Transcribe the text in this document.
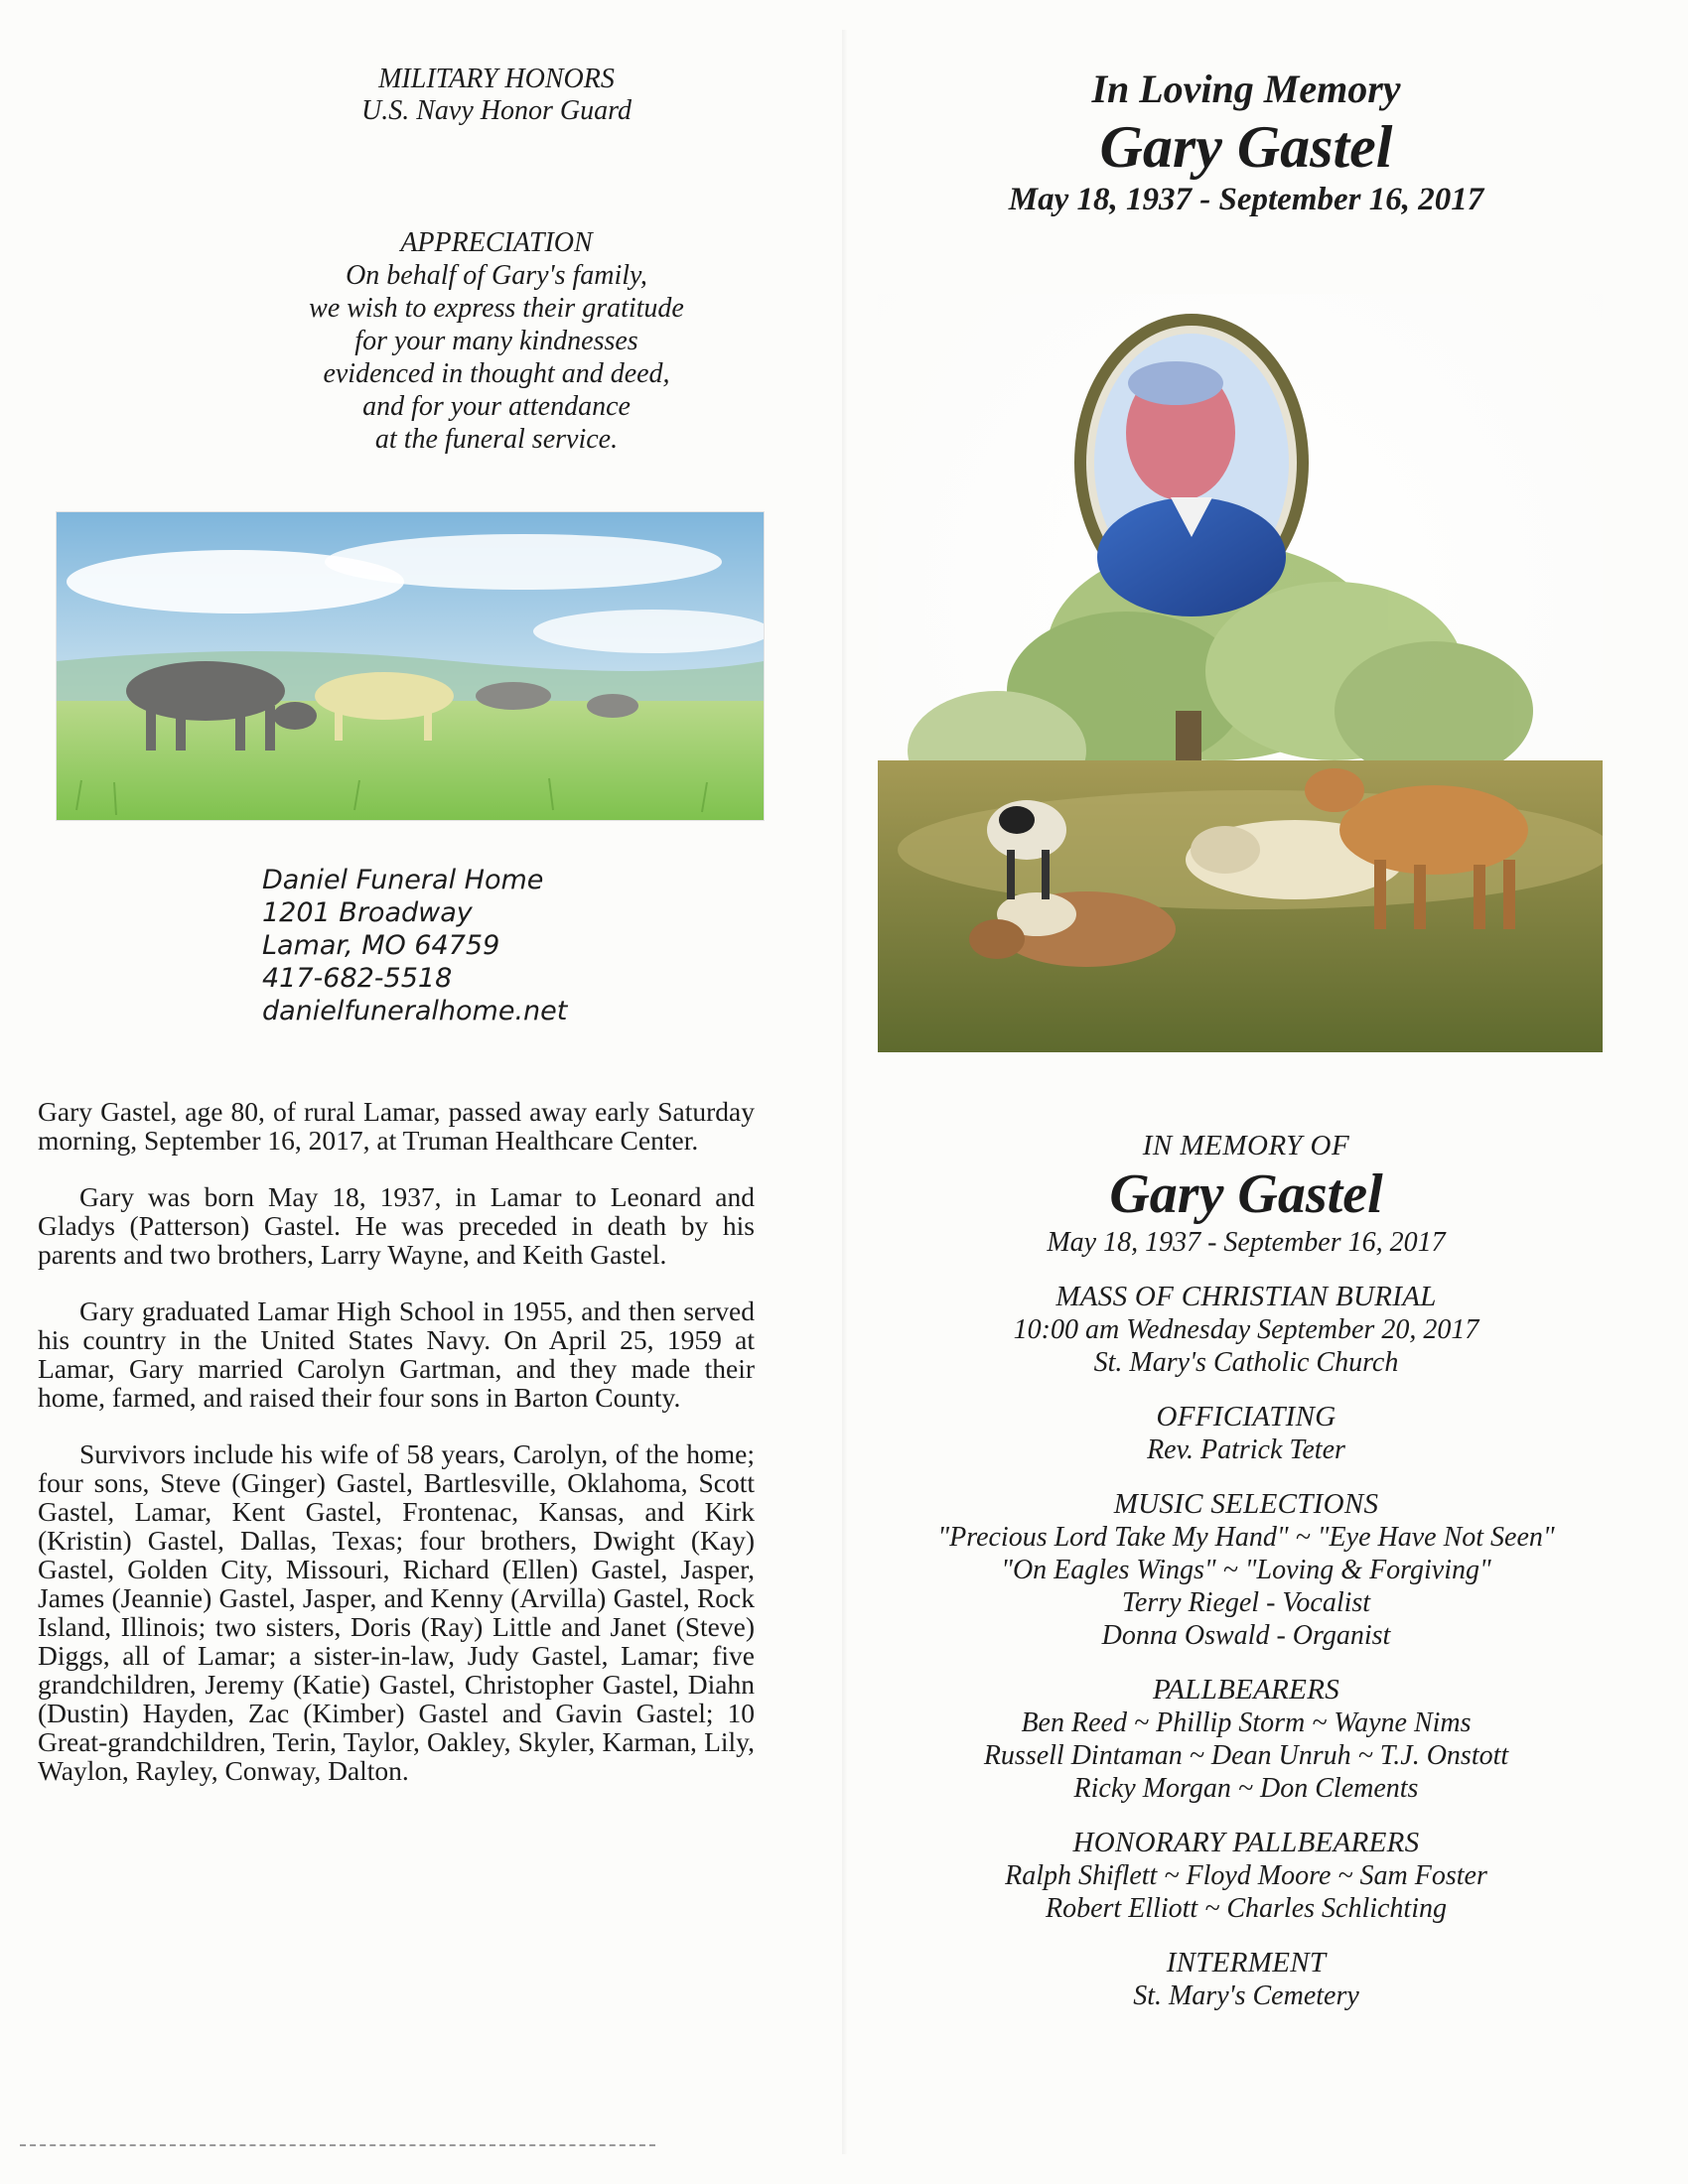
MILITARY HONORS
U.S. Navy Honor Guard
APPRECIATION
On behalf of Gary's family,
we wish to express their gratitude
for your many kindnesses
evidenced in thought and deed,
and for your attendance
at the funeral service.
Daniel Funeral Home
1201 Broadway
Lamar, MO 64759
417-682-5518
danielfuneralhome.net

Gary Gastel, age 80, of rural Lamar, passed away early Saturday morning, September 16, 2017, at Truman Healthcare Center.

Gary was born May 18, 1937, in Lamar to Leonard and Gladys (Patterson) Gastel. He was preceded in death by his parents and two brothers, Larry Wayne, and Keith Gastel.

Gary graduated Lamar High School in 1955, and then served his country in the United States Navy. On April 25, 1959 at Lamar, Gary married Carolyn Gartman, and they made their home, farmed, and raised their four sons in Barton County.

Survivors include his wife of 58 years, Carolyn, of the home; four sons, Steve (Ginger) Gastel, Bartlesville, Oklahoma, Scott Gastel, Lamar, Kent Gastel, Frontenac, Kansas, and Kirk (Kristin) Gastel, Dallas, Texas; four brothers, Dwight (Kay) Gastel, Golden City, Missouri, Richard (Ellen) Gastel, Jasper, James (Jeannie) Gastel, Jasper, and Kenny (Arvilla) Gastel, Rock Island, Illinois; two sisters, Doris (Ray) Little and Janet (Steve) Diggs, all of Lamar; a sister-in-law, Judy Gastel, Lamar; five grandchildren, Jeremy (Katie) Gastel, Christopher Gastel, Diahn (Dustin) Hayden, Zac (Kimber) Gastel and Gavin Gastel; 10 Great-grandchildren, Terin, Taylor, Oakley, Skyler, Karman, Lily, Waylon, Rayley, Conway, Dalton.

In Loving Memory
Gary Gastel
May 18, 1937 - September 16, 2017
IN MEMORY OF
Gary Gastel
May 18, 1937 - September 16, 2017
MASS OF CHRISTIAN BURIAL
10:00 am Wednesday September 20, 2017
St. Mary's Catholic Church
OFFICIATING
Rev. Patrick Teter
MUSIC SELECTIONS
"Precious Lord Take My Hand" ~ "Eye Have Not Seen"
"On Eagles Wings" ~ "Loving & Forgiving"
Terry Riegel - Vocalist
Donna Oswald - Organist
PALLBEARERS
Ben Reed ~ Phillip Storm ~ Wayne Nims
Russell Dintaman ~ Dean Unruh ~ T.J. Onstott
Ricky Morgan ~ Don Clements
HONORARY PALLBEARERS
Ralph Shiflett ~ Floyd Moore ~ Sam Foster
Robert Elliott ~ Charles Schlichting
INTERMENT
St. Mary's Cemetery
